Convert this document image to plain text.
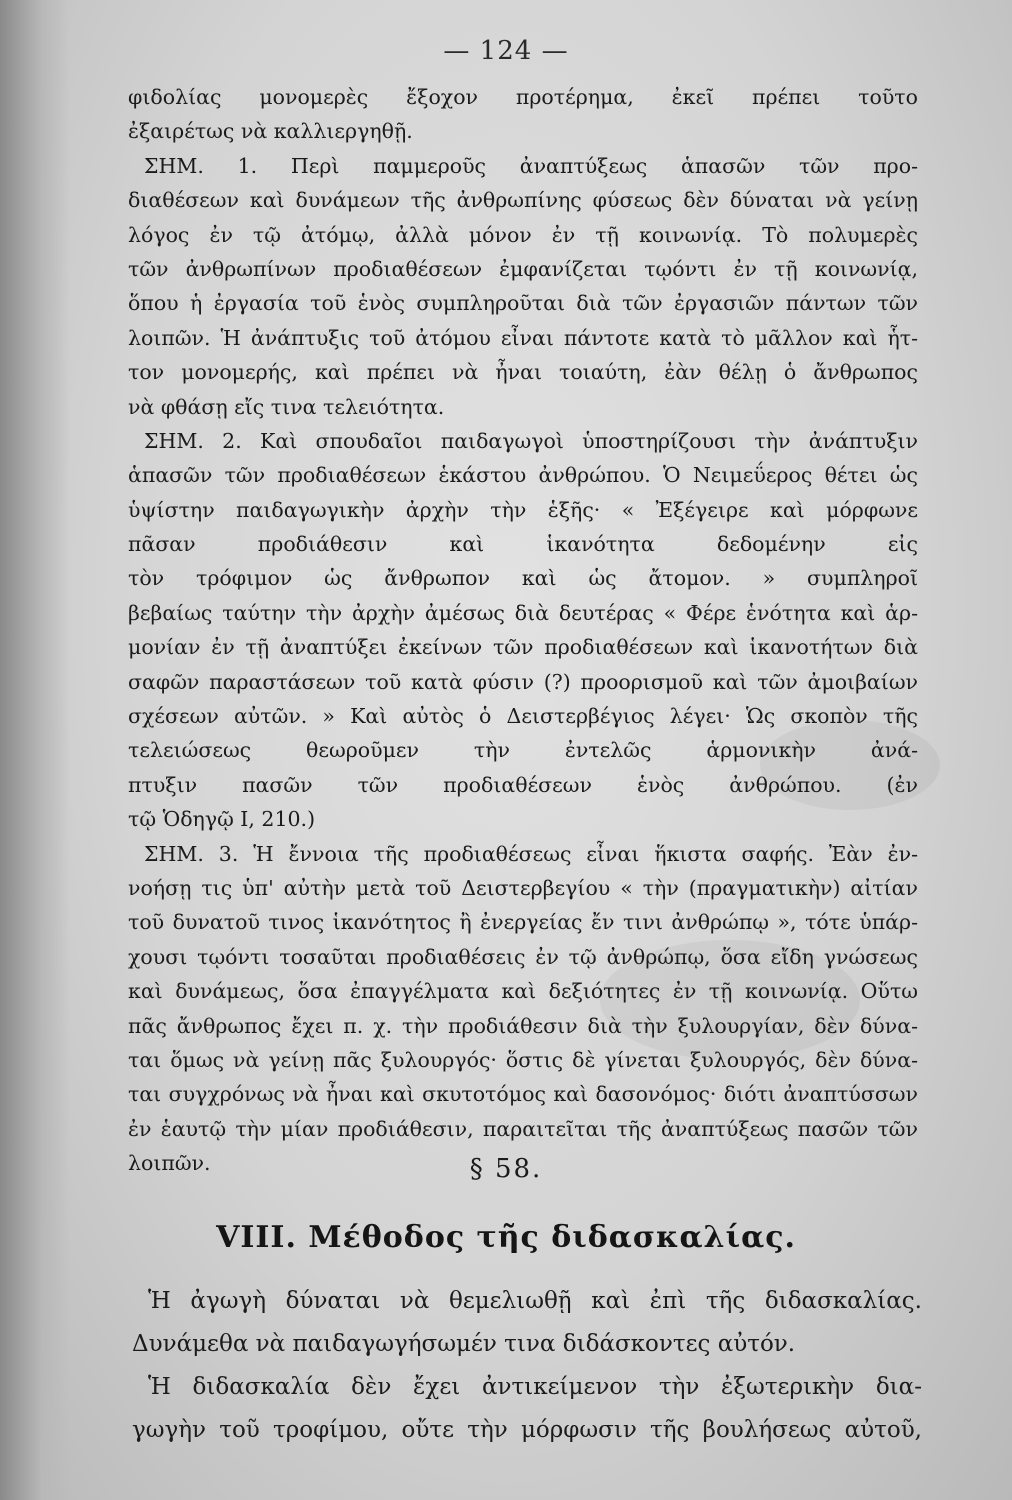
— 124 —
φιδολίας μονομερὲς ἔξοχον προτέρημα, ἐκεῖ πρέπει τοῦτο
ἐξαιρέτως νὰ καλλιεργηθῇ.
ΣΗΜ. 1. Περὶ παμμεροῦς ἀναπτύξεως ἁπασῶν τῶν προ-
διαθέσεων καὶ δυνάμεων τῆς ἀνθρωπίνης φύσεως δὲν δύναται νὰ γείνῃ
λόγος ἐν τῷ ἀτόμῳ, ἀλλὰ μόνον ἐν τῇ κοινωνίᾳ. Τὸ πολυμερὲς
τῶν ἀνθρωπίνων προδιαθέσεων ἐμφανίζεται τῳόντι ἐν τῇ κοινωνίᾳ,
ὅπου ἡ ἐργασία τοῦ ἑνὸς συμπληροῦται διὰ τῶν ἐργασιῶν πάντων τῶν
λοιπῶν. Ἡ ἀνάπτυξις τοῦ ἀτόμου εἶναι πάντοτε κατὰ τὸ μᾶλλον καὶ ἧτ-
τον μονομερής, καὶ πρέπει νὰ ἦναι τοιαύτη, ἐὰν θέλῃ ὁ ἄνθρωπος
νὰ φθάσῃ εἴς τινα τελειότητα.
ΣΗΜ. 2. Καὶ σπουδαῖοι παιδαγωγοὶ ὑποστηρίζουσι τὴν ἀνάπτυξιν
ἁπασῶν τῶν προδιαθέσεων ἑκάστου ἀνθρώπου. Ὁ Νειμεΰερος θέτει ὡς
ὑψίστην παιδαγωγικὴν ἀρχὴν τὴν ἑξῆς· « Ἐξέγειρε καὶ μόρφωνε
πᾶσαν προδιάθεσιν καὶ ἱκανότητα δεδομένην εἰς
τὸν τρόφιμον ὡς ἄνθρωπον καὶ ὡς ἄτομον. » συμπληροῖ
βεβαίως ταύτην τὴν ἀρχὴν ἀμέσως διὰ δευτέρας « Φέρε ἑνότητα καὶ ἁρ-
μονίαν ἐν τῇ ἀναπτύξει ἐκείνων τῶν προδιαθέσεων καὶ ἱκανοτήτων διὰ
σαφῶν παραστάσεων τοῦ κατὰ φύσιν (?) προορισμοῦ καὶ τῶν ἀμοιβαίων
σχέσεων αὐτῶν. » Καὶ αὐτὸς ὁ Δειστερβέγιος λέγει· Ὡς σκοπὸν τῆς
τελειώσεως θεωροῦμεν τὴν ἐντελῶς ἁρμονικὴν ἀνά-
πτυξιν πασῶν τῶν προδιαθέσεων ἑνὸς ἀνθρώπου. (ἐν
τῷ Ὁδηγῷ I, 210.)
ΣΗΜ. 3. Ἡ ἔννοια τῆς προδιαθέσεως εἶναι ἥκιστα σαφής. Ἐὰν ἐν-
νοήσῃ τις ὑπ' αὐτὴν μετὰ τοῦ Δειστερβεγίου « τὴν (πραγματικὴν) αἰτίαν
τοῦ δυνατοῦ τινος ἱκανότητος ἢ ἐνεργείας ἔν τινι ἀνθρώπῳ », τότε ὑπάρ-
χουσι τῳόντι τοσαῦται προδιαθέσεις ἐν τῷ ἀνθρώπῳ, ὅσα εἴδη γνώσεως
καὶ δυνάμεως, ὅσα ἐπαγγέλματα καὶ δεξιότητες ἐν τῇ κοινωνίᾳ. Οὕτω
πᾶς ἄνθρωπος ἔχει π. χ. τὴν προδιάθεσιν διὰ τὴν ξυλουργίαν, δὲν δύνα-
ται ὅμως νὰ γείνῃ πᾶς ξυλουργός· ὅστις δὲ γίνεται ξυλουργός, δὲν δύνα-
ται συγχρόνως νὰ ἦναι καὶ σκυτοτόμος καὶ δασονόμος· διότι ἀναπτύσσων
ἐν ἑαυτῷ τὴν μίαν προδιάθεσιν, παραιτεῖται τῆς ἀναπτύξεως πασῶν τῶν
λοιπῶν.	§ 58.
VIII. Μέθοδος τῆς διδασκαλίας.
Ἡ ἀγωγὴ δύναται νὰ θεμελιωθῇ καὶ ἐπὶ τῆς διδασκαλίας.
Δυνάμεθα νὰ παιδαγωγήσωμέν τινα διδάσκοντες αὐτόν.
Ἡ διδασκαλία δὲν ἔχει ἀντικείμενον τὴν ἐξωτερικὴν δια-
γωγὴν τοῦ τροφίμου, οὔτε τὴν μόρφωσιν τῆς βουλήσεως αὐτοῦ,
